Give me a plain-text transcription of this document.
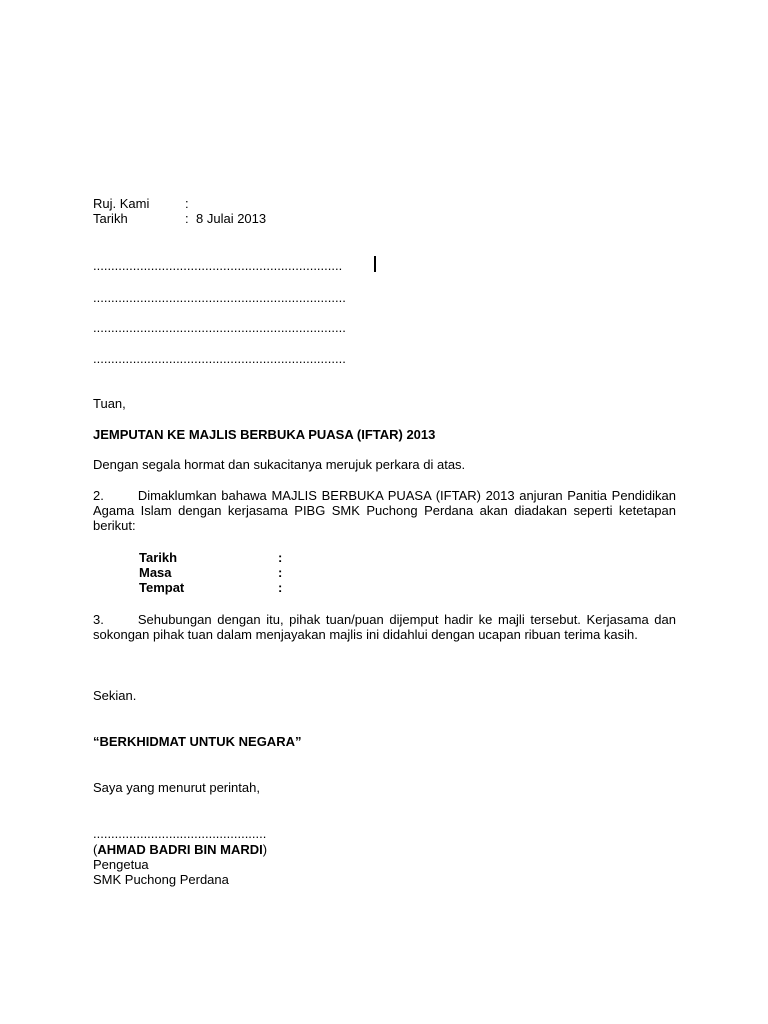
Ruj. Kami	:
Tarikh	: 8 Julai 2013
.....................................................................
......................................................................
......................................................................
......................................................................
Tuan,
JEMPUTAN KE MAJLIS BERBUKA PUASA (IFTAR) 2013
Dengan segala hormat dan sukacitanya merujuk perkara di atas.
2.	Dimaklumkan bahawa MAJLIS BERBUKA PUASA (IFTAR) 2013 anjuran Panitia Pendidikan Agama Islam dengan kerjasama PIBG SMK Puchong Perdana akan diadakan seperti ketetapan berikut:
Tarikh	:
Masa	:
Tempat	:
3.	Sehubungan dengan itu, pihak tuan/puan dijemput hadir ke majli tersebut. Kerjasama dan sokongan pihak tuan dalam menjayakan majlis ini didahlui dengan ucapan ribuan terima kasih.
Sekian.
“BERKHIDMAT UNTUK NEGARA”
Saya yang menurut perintah,
................................................
(AHMAD BADRI BIN MARDI)
Pengetua
SMK Puchong Perdana
